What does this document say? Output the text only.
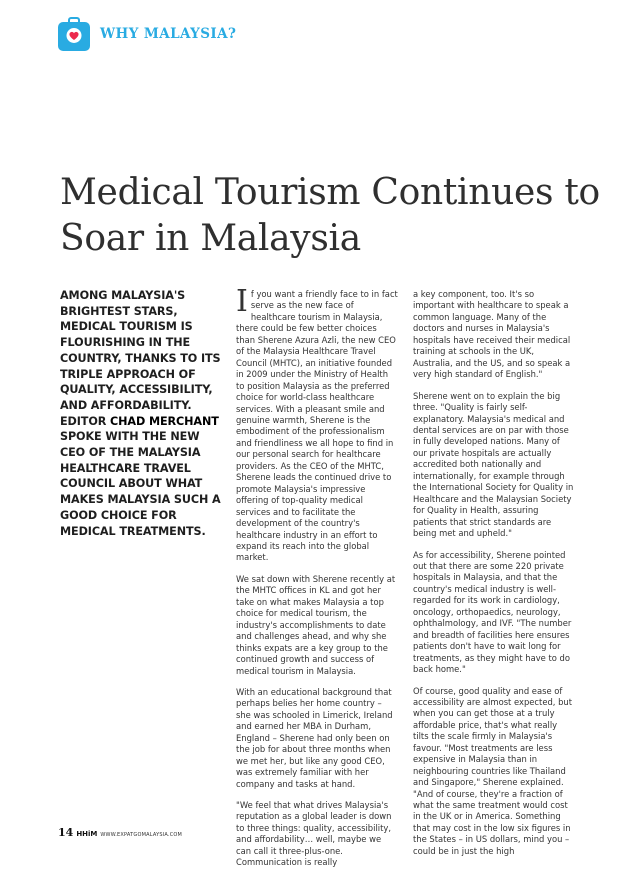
WHY MALAYSIA?
Medical Tourism Continues to Soar in Malaysia

AMONG MALAYSIA'S BRIGHTEST STARS, MEDICAL TOURISM IS FLOURISHING IN THE COUNTRY, THANKS TO ITS TRIPLE APPROACH OF QUALITY, ACCESSIBILITY, AND AFFORDABILITY. EDITOR CHAD MERCHANT SPOKE WITH THE NEW CEO OF THE MALAYSIA HEALTHCARE TRAVEL COUNCIL ABOUT WHAT MAKES MALAYSIA SUCH A GOOD CHOICE FOR MEDICAL TREATMENTS.

If you want a friendly face to in fact serve as the new face of healthcare tourism in Malaysia, there could be few better choices than Sherene Azura Azli, the new CEO of the Malaysia Healthcare Travel Council (MHTC), an initiative founded in 2009 under the Ministry of Health to position Malaysia as the preferred choice for world-class healthcare services. With a pleasant smile and genuine warmth, Sherene is the embodiment of the professionalism and friendliness we all hope to find in our personal search for healthcare providers. As the CEO of the MHTC, Sherene leads the continued drive to promote Malaysia's impressive offering of top-quality medical services and to facilitate the development of the country's healthcare industry in an effort to expand its reach into the global market.

We sat down with Sherene recently at the MHTC offices in KL and got her take on what makes Malaysia a top choice for medical tourism, the industry's accomplishments to date and challenges ahead, and why she thinks expats are a key group to the continued growth and success of medical tourism in Malaysia.

With an educational background that perhaps belies her home country – she was schooled in Limerick, Ireland and earned her MBA in Durham, England – Sherene had only been on the job for about three months when we met her, but like any good CEO, was extremely familiar with her company and tasks at hand.

"We feel that what drives Malaysia's reputation as a global leader is down to three things: quality, accessibility, and affordability… well, maybe we can call it three-plus-one. Communication is really

a key component, too. It's so important with healthcare to speak a common language. Many of the doctors and nurses in Malaysia's hospitals have received their medical training at schools in the UK, Australia, and the US, and so speak a very high standard of English."

Sherene went on to explain the big three. "Quality is fairly self-explanatory. Malaysia's medical and dental services are on par with those in fully developed nations. Many of our private hospitals are actually accredited both nationally and internationally, for example through the International Society for Quality in Healthcare and the Malaysian Society for Quality in Health, assuring patients that strict standards are being met and upheld."

As for accessibility, Sherene pointed out that there are some 220 private hospitals in Malaysia, and that the country's medical industry is well-regarded for its work in cardiology, oncology, orthopaedics, neurology, ophthalmology, and IVF. "The number and breadth of facilities here ensures patients don't have to wait long for treatments, as they might have to do back home."

Of course, good quality and ease of accessibility are almost expected, but when you can get those at a truly affordable price, that's what really tilts the scale firmly in Malaysia's favour. "Most treatments are less expensive in Malaysia than in neighbouring countries like Thailand and Singapore," Sherene explained. "And of course, they're a fraction of what the same treatment would cost in the UK or in America. Something that may cost in the low six figures in the States – in US dollars, mind you – could be in just the high

14 HHiM WWW.EXPATGOMALAYSIA.COM
